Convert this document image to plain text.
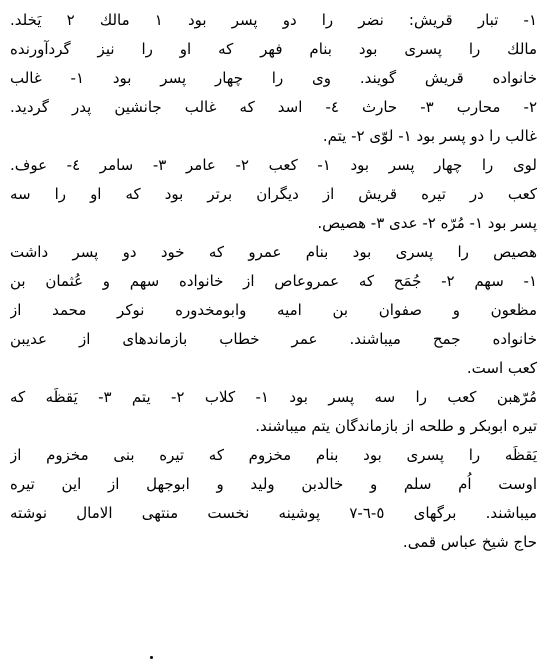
١- تبار قریش: نضر را دو پسر بود ١ مالك ٢ یَخلد.
مالك را پسری بود بنام فهر كه او را نیز گردآورنده
خانواده قریش گویند. وی را چهار پسر بود ١- غالب
٢- محارب ٣- حارث ٤- اسد كه غالب جانشین پدر گردید.
غالب را دو پسر بود ١- لوّی ٢- یتم.
لوی را چهار پسر بود ١- كعب ٢- عامر ٣- سامر ٤- عوف.
كعب در تیره قریش از دیگران برتر بود كه او را سه
پسر بود ١- مُرّه ٢- عدی ٣- هصیص.
هصیص را پسری بود بنام عمرو كه خود دو پسر داشت
١- سهم ٢- جُمَح كه عمروعاص از خانواده سهم و عُثمان بن
مظعون و صفوان بن امیه وابومخدوره نوكر محمد از
خانواده جمح میباشند. عمر خطاب بازماندهای از عدیبن
كعب است.
مُرّهبن كعب را سه پسر بود ١- كلاب ٢- یتم ٣- یَقظَه كه
تیره ابوبكر و طلحه از بازماندگان یتم میباشند.
یَقظَه را پسری بود بنام مخزوم كه تیره بنی مخزوم از
اوست اُم سلم و خالدبن ولید و ابوجهل از این تیره
میباشند. برگهای ٥-٦-٧ پوشینه نخست منتهی الامال نوشته
حاج شیخ عباس قمی.
